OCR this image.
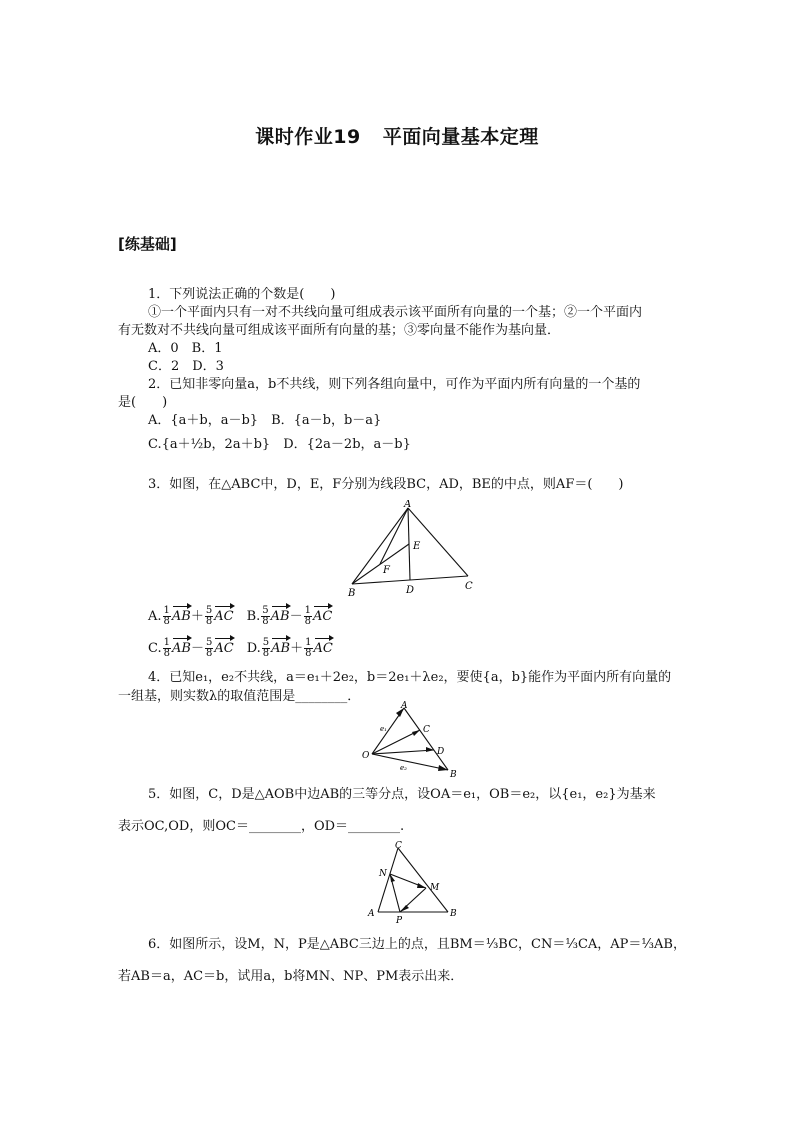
课时作业19 平面向量基本定理
[练基础]
1．下列说法正确的个数是(　　)
①一个平面内只有一对不共线向量可组成表示该平面所有向量的一个基；②一个平面内
有无数对不共线向量可组成该平面所有向量的基；③零向量不能作为基向量．
A．0　B．1
C．2　D．3
2．已知非零向量a，b不共线，则下列各组向量中，可作为平面内所有向量的一个基的
是(　　)
A．{a＋b，a－b}　 B．{a－b，b－a}
C.{a＋½b，2a＋b}　 D．{2a－2b，a－b}
3．如图，在△ABC中，D，E，F分别为线段BC，AD，BE的中点，则AF＝(　　)
A
E
F
B	D	C
A. $\frac{1}{8} AB+ \frac{5}{8}$ AC　B. $\frac{5}{8} AB- \frac{1}{8}$ AC
C. $\frac{1}{8} AB- \frac{5}{8}$ AC　D. $\frac{5}{8} AB+ \frac{1}{8}$ AC
4．已知e₁，e₂不共线，a＝e₁＋2e₂，b＝2e₁＋λe₂，要使{a，b}能作为平面内所有向量的
一组基，则实数λ的取值范围是________．
A
C
O	D
B
e₁
e₂
5．如图，C，D是△AOB中边AB的三等分点，设OA＝e₁，OB＝e₂，以{e₁，e₂}为基来
表示OC,OD，则OC＝________，OD＝________.
C
N
M
A
P
B
6．如图所示，设M，N，P是△ABC三边上的点，且BM＝⅓BC，CN＝⅓CA，AP＝⅓AB，
若AB＝a，AC＝b，试用a，b将MN、NP、PM表示出来．
